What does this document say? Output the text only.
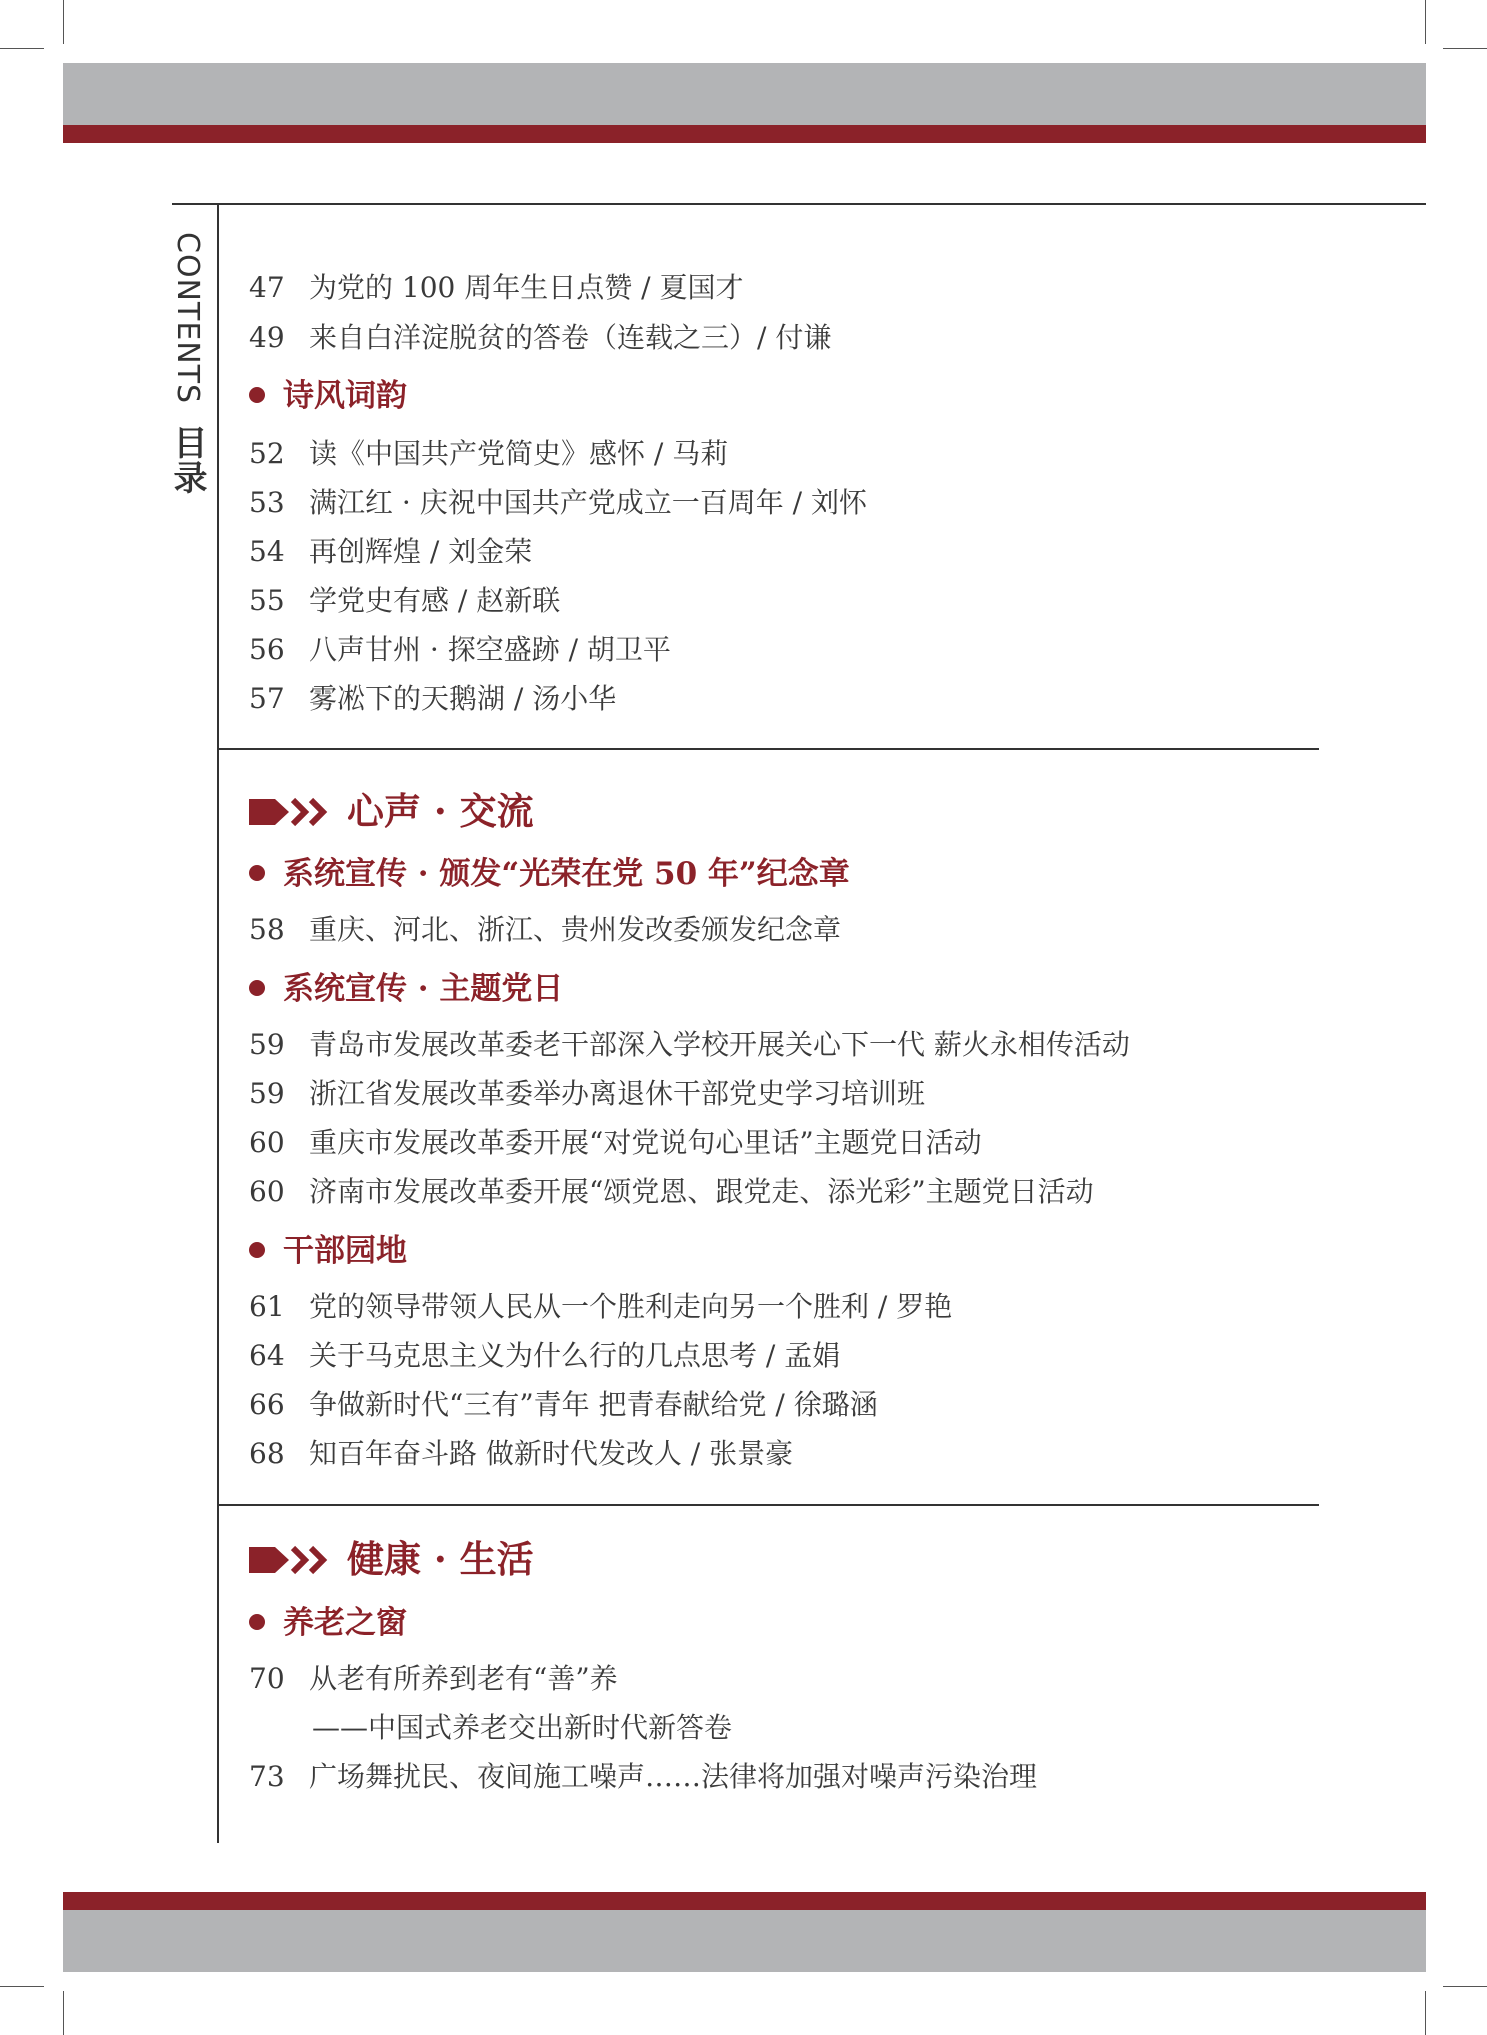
CONTENTS 目录
47 为党的 100 周年生日点赞 / 夏国才
49 来自白洋淀脱贫的答卷（连载之三）/ 付谦
诗风词韵
52 读《中国共产党简史》感怀 / 马莉
53 满江红 · 庆祝中国共产党成立一百周年 / 刘怀
54 再创辉煌 / 刘金荣
55 学党史有感 / 赵新联
56 八声甘州 · 探空盛跡 / 胡卫平
57 雾凇下的天鹅湖 / 汤小华
心声 · 交流
系统宣传 · 颁发“光荣在党 50 年”纪念章
58 重庆、河北、浙江、贵州发改委颁发纪念章
系统宣传 · 主题党日
59 青岛市发展改革委老干部深入学校开展关心下一代 薪火永相传活动
59 浙江省发展改革委举办离退休干部党史学习培训班
60 重庆市发展改革委开展“对党说句心里话”主题党日活动
60 济南市发展改革委开展“颂党恩、跟党走、添光彩”主题党日活动
干部园地
61 党的领导带领人民从一个胜利走向另一个胜利 / 罗艳
64 关于马克思主义为什么行的几点思考 / 孟娟
66 争做新时代“三有”青年 把青春献给党 / 徐璐涵
68 知百年奋斗路 做新时代发改人 / 张景豪
健康 · 生活
养老之窗
70 从老有所养到老有“善”养
——中国式养老交出新时代新答卷
73 广场舞扰民、夜间施工噪声……法律将加强对噪声污染治理
